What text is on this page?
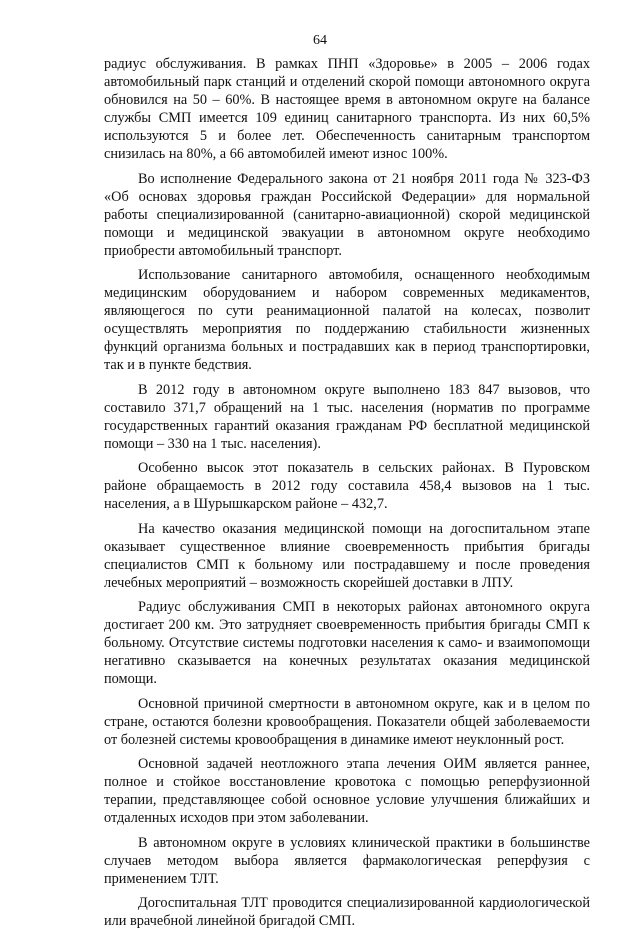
64

радиус обслуживания. В рамках ПНП «Здоровье» в 2005 – 2006 годах автомобильный парк станций и отделений скорой помощи автономного округа обновился на 50 – 60%. В настоящее время в автономном округе на балансе службы СМП имеется 109 единиц санитарного транспорта. Из них 60,5% используются 5 и более лет. Обеспеченность санитарным транспортом снизилась на 80%, а 66 автомобилей имеют износ 100%.

Во исполнение Федерального закона от 21 ноября 2011 года № 323-ФЗ «Об основах здоровья граждан Российской Федерации» для нормальной работы специализированной (санитарно-авиационной) скорой медицинской помощи и медицинской эвакуации в автономном округе необходимо приобрести автомобильный транспорт.

Использование санитарного автомобиля, оснащенного необходимым медицинским оборудованием и набором современных медикаментов, являющегося по сути реанимационной палатой на колесах, позволит осуществлять мероприятия по поддержанию стабильности жизненных функций организма больных и пострадавших как в период транспортировки, так и в пункте бедствия.

В 2012 году в автономном округе выполнено 183 847 вызовов, что составило 371,7 обращений на 1 тыс. населения (норматив по программе государственных гарантий оказания гражданам РФ бесплатной медицинской помощи – 330 на 1 тыс. населения).

Особенно высок этот показатель в сельских районах. В Пуровском районе обращаемость в 2012 году составила 458,4 вызовов на 1 тыс. населения, а в Шурышкарском районе – 432,7.

На качество оказания медицинской помощи на догоспитальном этапе оказывает существенное влияние своевременность прибытия бригады специалистов СМП к больному или пострадавшему и после проведения лечебных мероприятий – возможность скорейшей доставки в ЛПУ.

Радиус обслуживания СМП в некоторых районах автономного округа достигает 200 км. Это затрудняет своевременность прибытия бригады СМП к больному. Отсутствие системы подготовки населения к само- и взаимопомощи негативно сказывается на конечных результатах оказания медицинской помощи.

Основной причиной смертности в автономном округе, как и в целом по стране, остаются болезни кровообращения. Показатели общей заболеваемости от болезней системы кровообращения в динамике имеют неуклонный рост.

Основной задачей неотложного этапа лечения ОИМ является раннее, полное и стойкое восстановление кровотока с помощью реперфузионной терапии, представляющее собой основное условие улучшения ближайших и отдаленных исходов при этом заболевании.

В автономном округе в условиях клинической практики в большинстве случаев методом выбора является фармакологическая реперфузия с применением ТЛТ.

Догоспитальная ТЛТ проводится специализированной кардиологической или врачебной линейной бригадой СМП.
